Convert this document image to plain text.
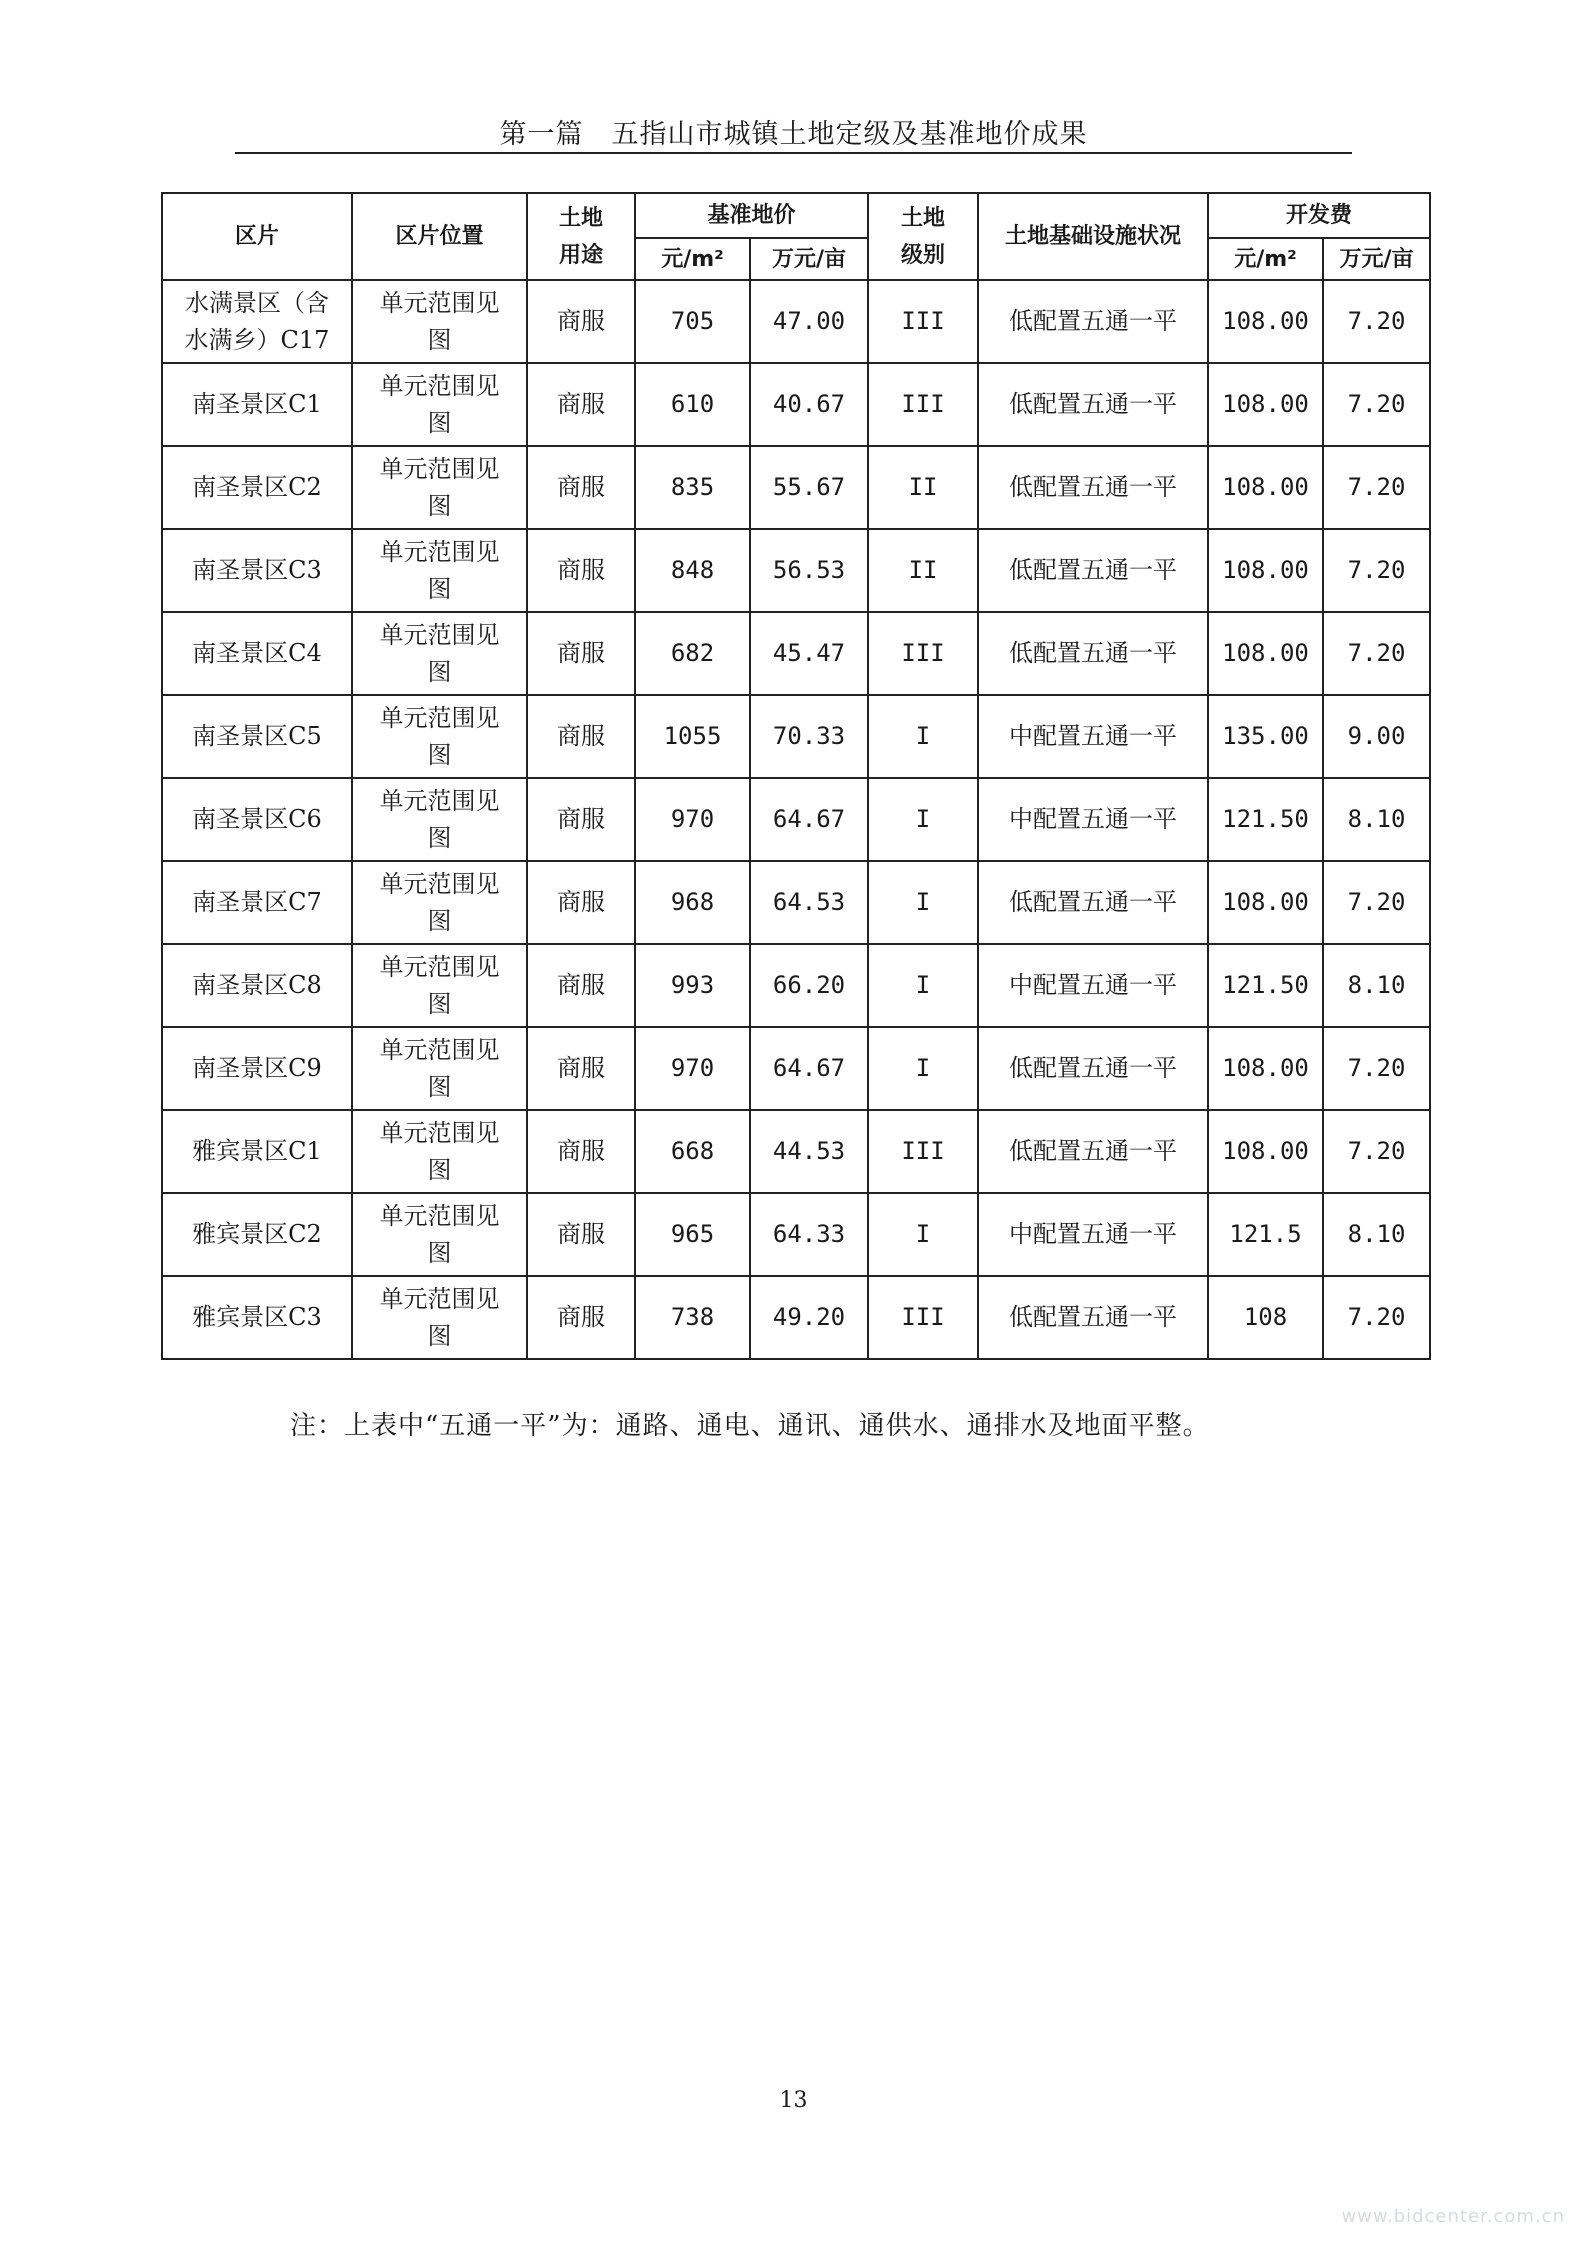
第一篇　五指山市城镇土地定级及基准地价成果
区片	区片位置	土地用途	基准地价		土地级别	土地基础设施状况	开发费	
			元/m²	万元/亩			元/m²	万元/亩
水满景区（含水满乡）C17	单元范围见图	商服	705	47.00	III	低配置五通一平	108.00	7.20
南圣景区C1	单元范围见图	商服	610	40.67	III	低配置五通一平	108.00	7.20
南圣景区C2	单元范围见图	商服	835	55.67	II	低配置五通一平	108.00	7.20
南圣景区C3	单元范围见图	商服	848	56.53	II	低配置五通一平	108.00	7.20
南圣景区C4	单元范围见图	商服	682	45.47	III	低配置五通一平	108.00	7.20
南圣景区C5	单元范围见图	商服	1055	70.33	I	中配置五通一平	135.00	9.00
南圣景区C6	单元范围见图	商服	970	64.67	I	中配置五通一平	121.50	8.10
南圣景区C7	单元范围见图	商服	968	64.53	I	低配置五通一平	108.00	7.20
南圣景区C8	单元范围见图	商服	993	66.20	I	中配置五通一平	121.50	8.10
南圣景区C9	单元范围见图	商服	970	64.67	I	低配置五通一平	108.00	7.20
雅宾景区C1	单元范围见图	商服	668	44.53	III	低配置五通一平	108.00	7.20
雅宾景区C2	单元范围见图	商服	965	64.33	I	中配置五通一平	121.5	8.10
雅宾景区C3	单元范围见图	商服	738	49.20	III	低配置五通一平	108	7.20
注：上表中“五通一平”为：通路、通电、通讯、通供水、通排水及地面平整。
13
www.bidcenter.com.cn
